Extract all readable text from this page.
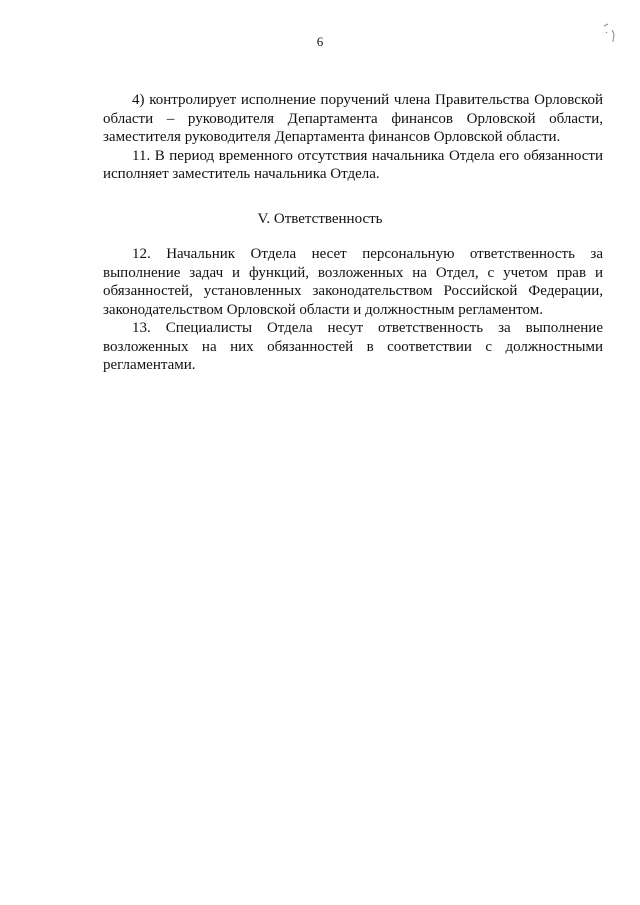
6

4) контролирует исполнение поручений члена Правительства Орловской области – руководителя Департамента финансов Орловской области, заместителя руководителя Департамента финансов Орловской области.

11. В период временного отсутствия начальника Отдела его обязанности исполняет заместитель начальника Отдела.

V. Ответственность

12. Начальник Отдела несет персональную ответственность за выполнение задач и функций, возложенных на Отдел, с учетом прав и обязанностей, установленных законодательством Российской Федерации, законодательством Орловской области и должностным регламентом.

13. Специалисты Отдела несут ответственность за выполнение возложенных на них обязанностей в соответствии с должностными регламентами.
